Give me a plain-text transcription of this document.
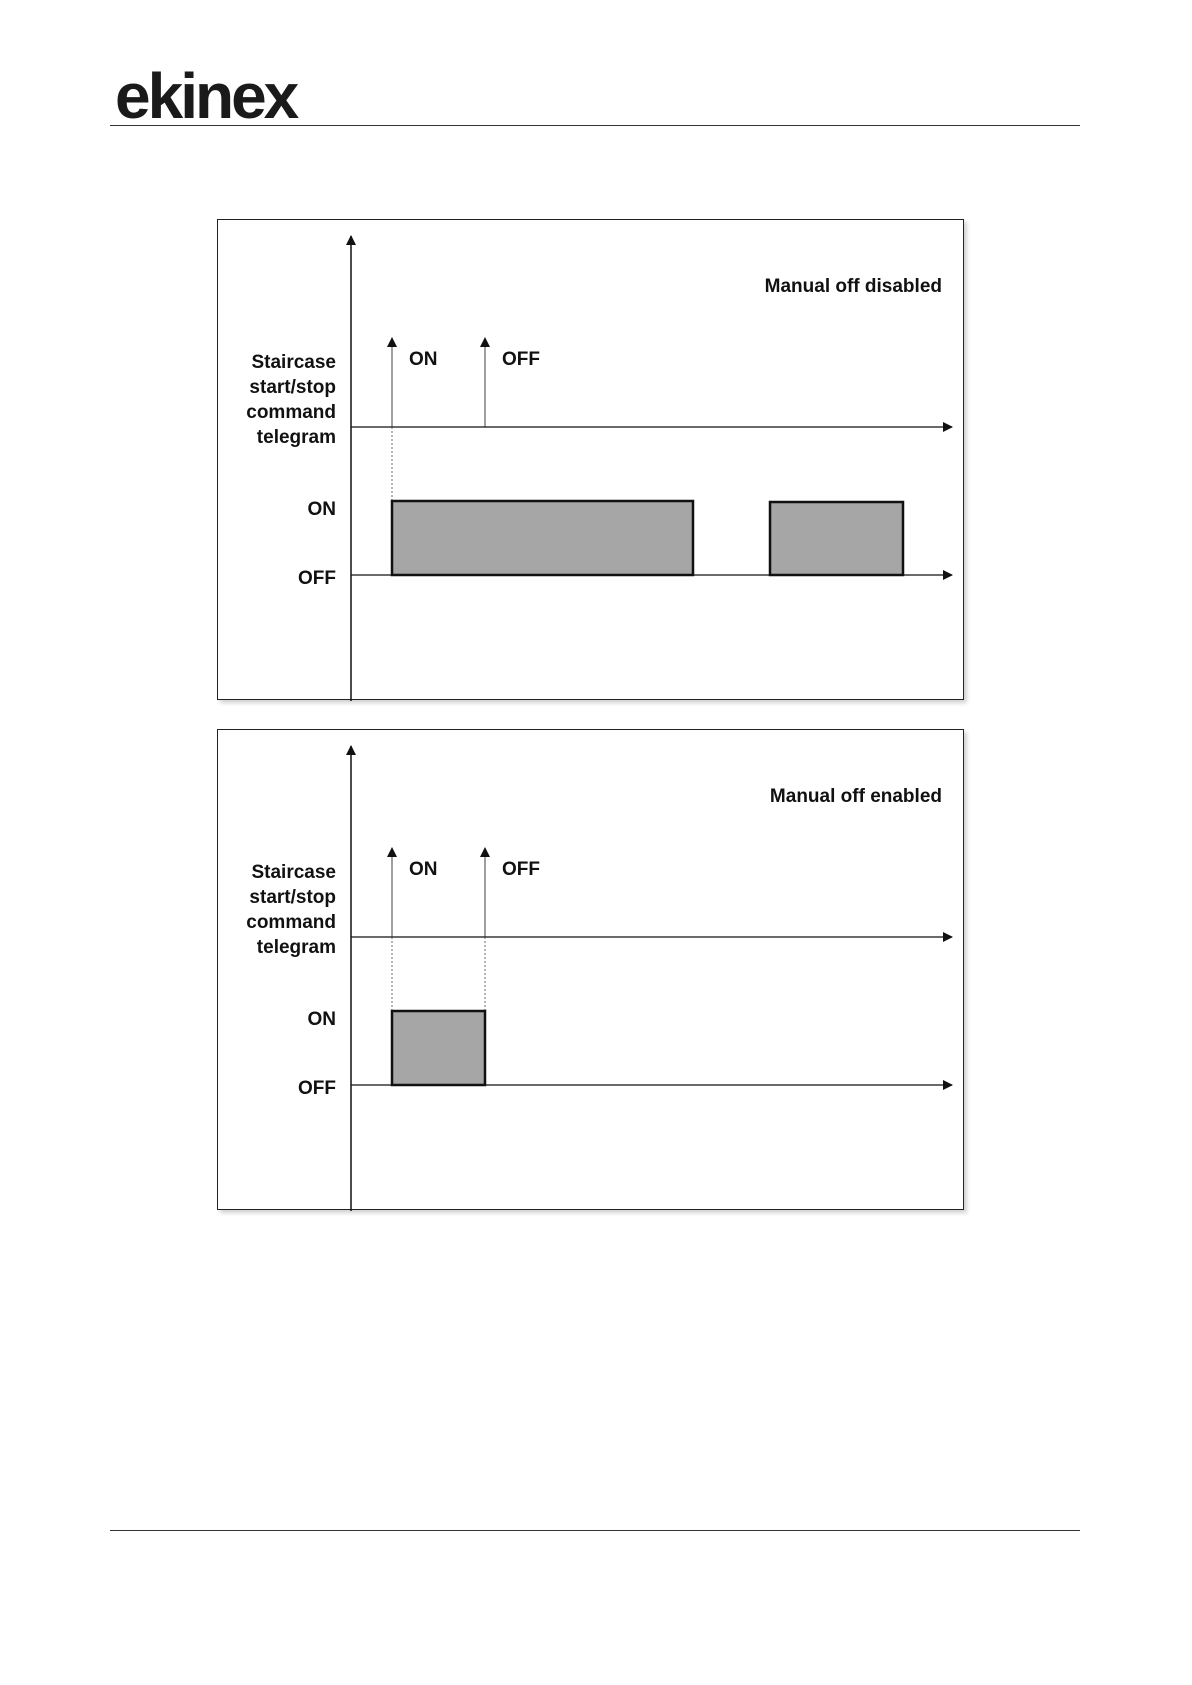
ekinex
Manual off disabled
Staircase
start/stop
command
telegram
ON	OFF
ON
OFF
Manual off enabled
Staircase
start/stop
command
telegram
ON	OFF
ON
OFF
